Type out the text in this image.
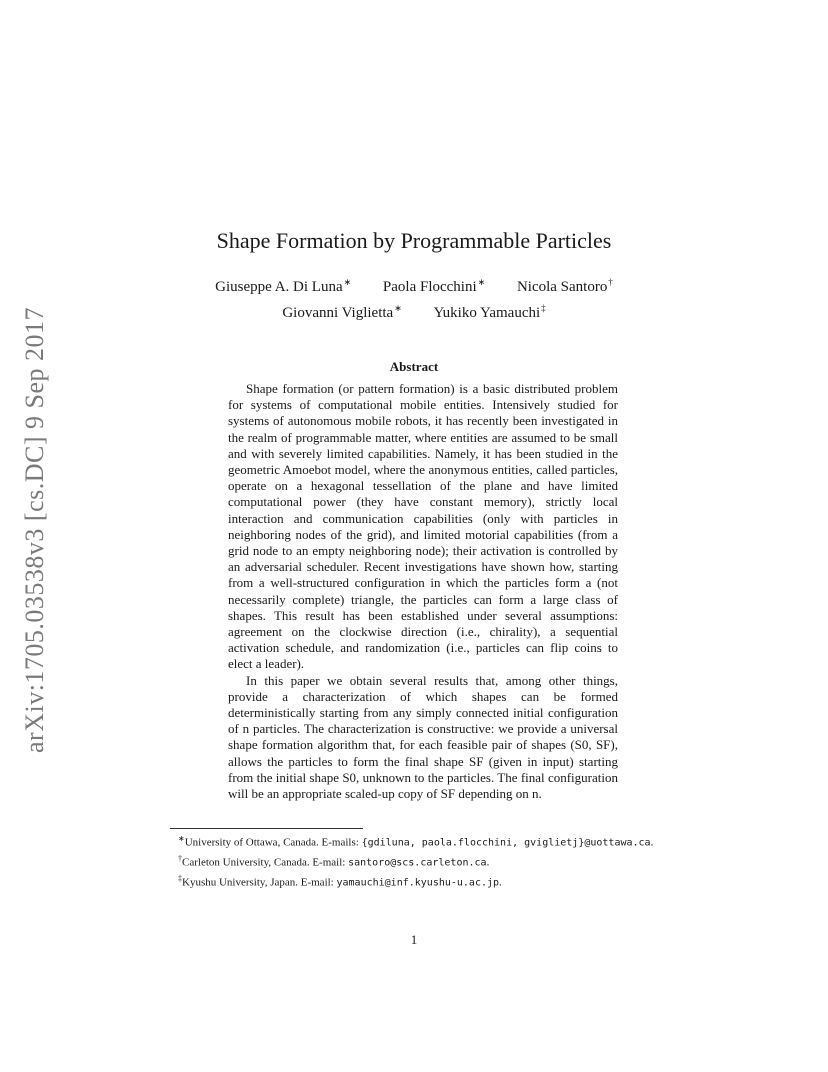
arXiv:1705.03538v3 [cs.DC] 9 Sep 2017
Shape Formation by Programmable Particles
Giuseppe A. Di Luna∗ Paola Flocchini∗ Nicola Santoro†
Giovanni Viglietta∗ Yukiko Yamauchi‡
Abstract

Shape formation (or pattern formation) is a basic distributed problem for systems of computational mobile entities. Intensively studied for systems of autonomous mobile robots, it has recently been investigated in the realm of programmable matter, where entities are assumed to be small and with severely limited capabilities. Namely, it has been studied in the geometric Amoebot model, where the anonymous entities, called particles, operate on a hexagonal tessellation of the plane and have limited computational power (they have constant memory), strictly local interaction and communication capabilities (only with particles in neighboring nodes of the grid), and limited motorial capabilities (from a grid node to an empty neighboring node); their activation is controlled by an adversarial scheduler. Recent investigations have shown how, starting from a well-structured configuration in which the particles form a (not necessarily complete) triangle, the particles can form a large class of shapes. This result has been established under several assumptions: agreement on the clockwise direction (i.e., chirality), a sequential activation schedule, and randomization (i.e., particles can flip coins to elect a leader).

In this paper we obtain several results that, among other things, provide a characterization of which shapes can be formed deterministically starting from any simply connected initial configuration of n particles. The characterization is constructive: we provide a universal shape formation algorithm that, for each feasible pair of shapes (S0, SF), allows the particles to form the final shape SF (given in input) starting from the initial shape S0, unknown to the particles. The final configuration will be an appropriate scaled-up copy of SF depending on n.

∗University of Ottawa, Canada. E-mails: {gdiluna, paola.flocchini, gviglietj}@uottawa.ca.

†Carleton University, Canada. E-mail: santoro@scs.carleton.ca.

‡Kyushu University, Japan. E-mail: yamauchi@inf.kyushu-u.ac.jp.

1
